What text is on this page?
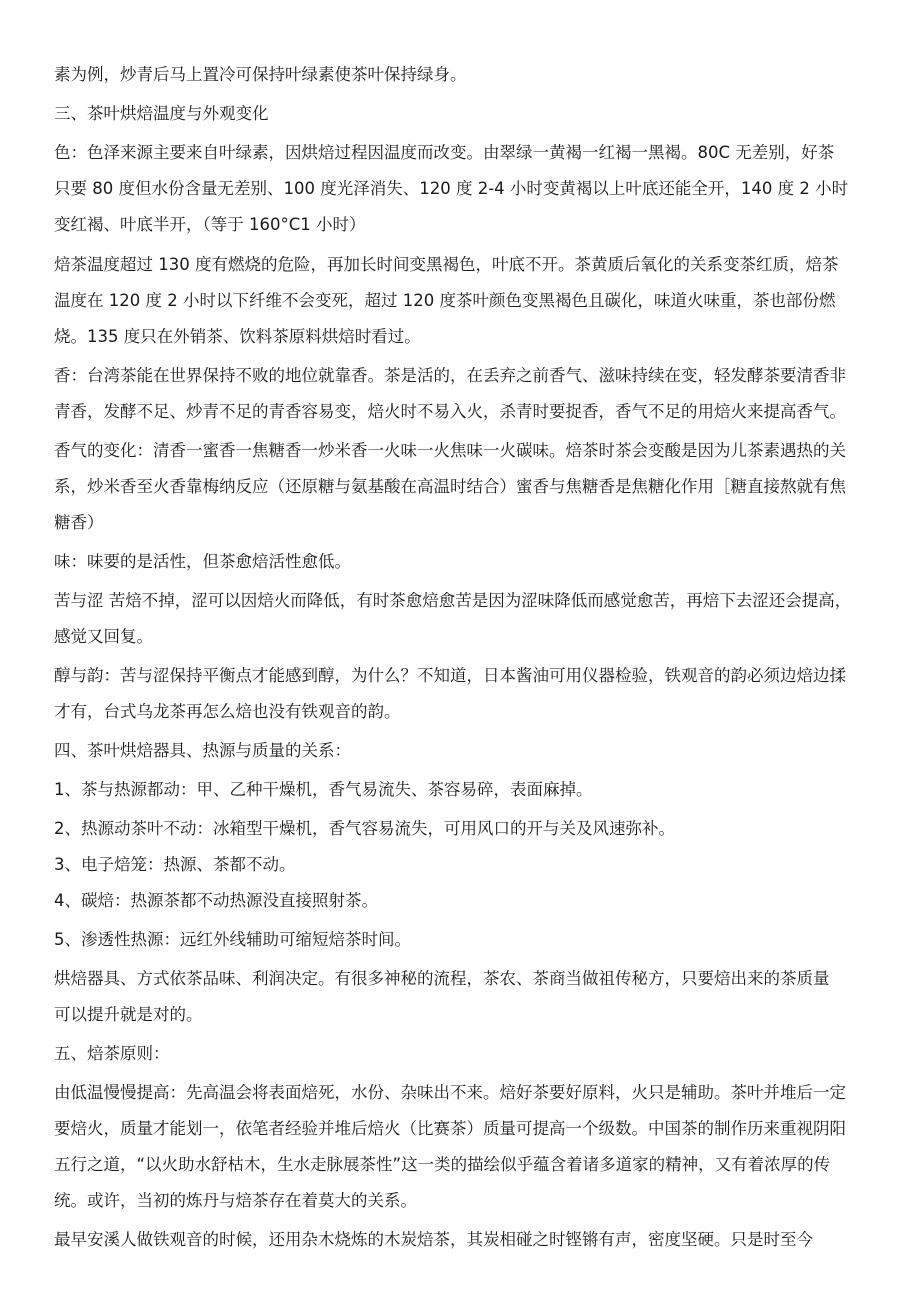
素为例，炒青后马上置冷可保持叶绿素使茶叶保持绿身。
三、茶叶烘焙温度与外观变化
色：色泽来源主要来自叶绿素，因烘焙过程因温度而改变。由翠绿一黄褐一红褐一黑褐。80C 无差别，好茶
只要 80 度但水份含量无差别、100 度光泽消失、120 度 2-4 小时变黄褐以上叶底还能全开，140 度 2 小时
变红褐、叶底半开，（等于 160°C1 小时）
焙茶温度超过 130 度有燃烧的危险，再加长时间变黑褐色，叶底不开。茶黄质后氧化的关系变茶红质，焙茶
温度在 120 度 2 小时以下纤维不会变死，超过 120 度茶叶颜色变黑褐色且碳化，味道火味重，茶也部份燃
烧。135 度只在外销茶、饮料茶原料烘焙时看过。
香：台湾茶能在世界保持不败的地位就靠香。茶是活的，在丢弃之前香气、滋味持续在变，轻发酵茶要清香非
青香，发酵不足、炒青不足的青香容易变，焙火时不易入火，杀青时要捉香，香气不足的用焙火来提高香气。
香气的变化：清香一蜜香一焦糖香一炒米香一火味一火焦味一火碳味。焙茶时茶会变酸是因为儿茶素遇热的关
系，炒米香至火香靠梅纳反应（还原糖与氨基酸在高温时结合）蜜香与焦糖香是焦糖化作用［糖直接熬就有焦
糖香）
味：味要的是活性，但茶愈焙活性愈低。
苦与涩 苦焙不掉，涩可以因焙火而降低，有时茶愈焙愈苦是因为涩味降低而感觉愈苦，再焙下去涩还会提高，
感觉又回复。
醇与韵：苦与涩保持平衡点才能感到醇，为什么？不知道，日本酱油可用仪器检验，铁观音的韵必须边焙边揉
才有，台式乌龙茶再怎么焙也没有铁观音的韵。
四、茶叶烘焙器具、热源与质量的关系：
1、茶与热源都动：甲、乙种干燥机，香气易流失、茶容易碎，表面麻掉。
2、热源动茶叶不动：冰箱型干燥机，香气容易流失，可用风口的开与关及风速弥补。
3、电子焙笼：热源、茶都不动。
4、碳焙：热源茶都不动热源没直接照射茶。
5、渗透性热源：远红外线辅助可缩短焙茶时间。
烘焙器具、方式依茶品味、利润决定。有很多神秘的流程，茶农、茶商当做祖传秘方，只要焙出来的茶质量
可以提升就是对的。
五、焙茶原则：
由低温慢慢提高：先高温会将表面焙死，水份、杂味出不来。焙好茶要好原料，火只是辅助。茶叶并堆后一定
要焙火，质量才能划一，依笔者经验并堆后焙火（比赛茶）质量可提高一个级数。中国茶的制作历来重视阴阳
五行之道，“以火助水舒枯木，生水走脉展茶性”这一类的描绘似乎蕴含着诸多道家的精神，又有着浓厚的传
统。或许，当初的炼丹与焙茶存在着莫大的关系。
最早安溪人做铁观音的时候，还用杂木烧炼的木炭焙茶，其炭相碰之时铿锵有声，密度坚硬。只是时至今
